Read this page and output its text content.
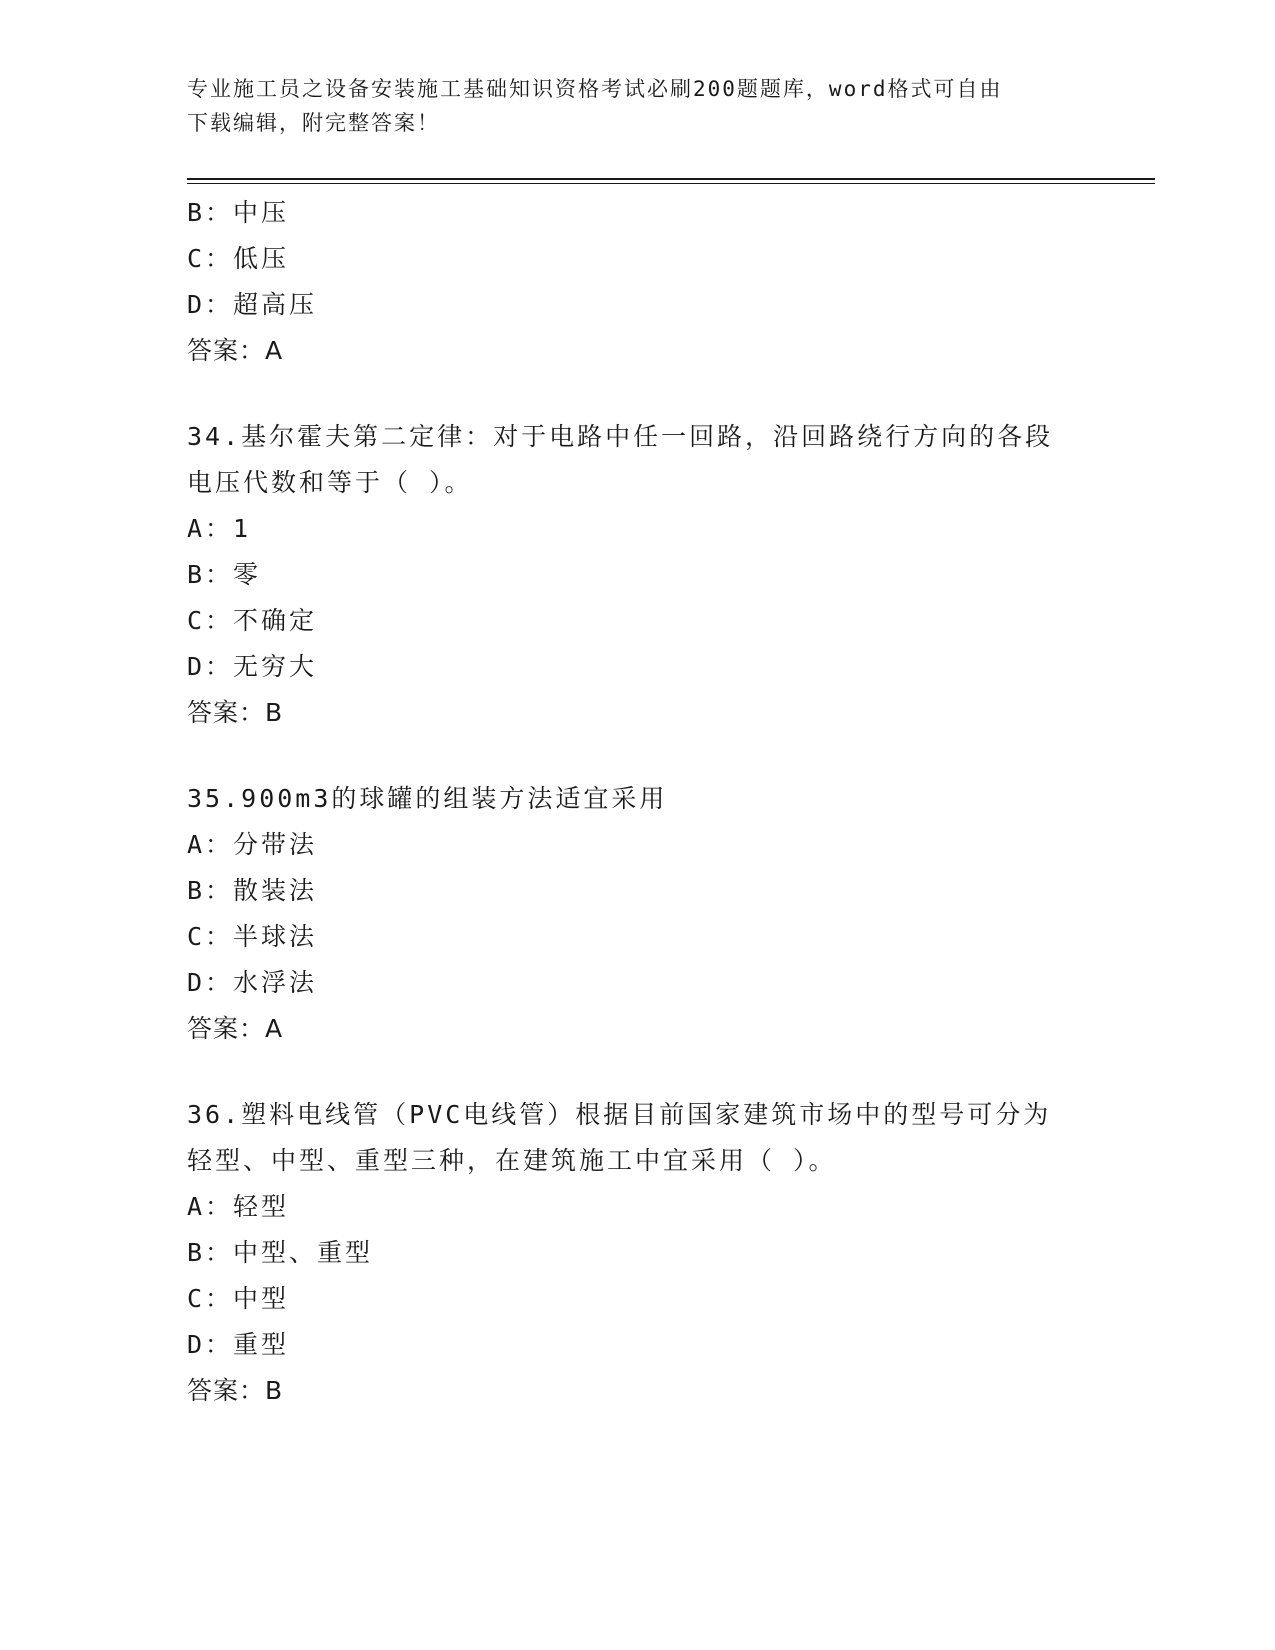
专业施工员之设备安装施工基础知识资格考试必刷200题题库，word格式可自由
下载编辑，附完整答案！
B：中压
C：低压
D：超高压
答案：A
34.基尔霍夫第二定律：对于电路中任一回路，沿回路绕行方向的各段
电压代数和等于（ ）。
A：1
B：零
C：不确定
D：无穷大
答案：B
35.900m3的球罐的组装方法适宜采用
A：分带法
B：散装法
C：半球法
D：水浮法
答案：A
36.塑料电线管（PVC电线管）根据目前国家建筑市场中的型号可分为
轻型、中型、重型三种，在建筑施工中宜采用（ ）。
A：轻型
B：中型、重型
C：中型
D：重型
答案：B
